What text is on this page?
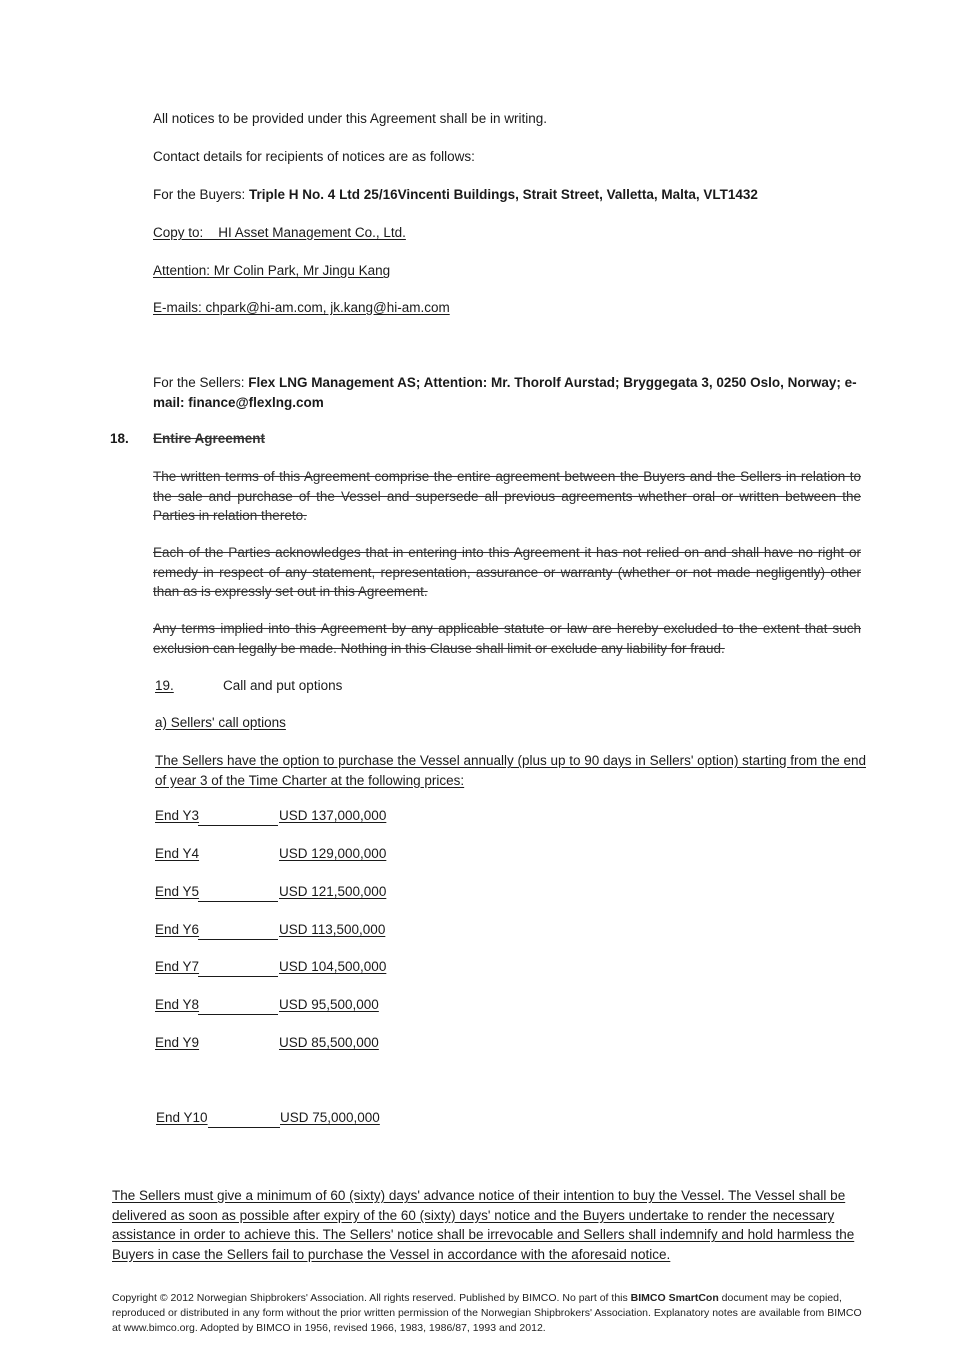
All notices to be provided under this Agreement shall be in writing.

Contact details for recipients of notices are as follows:

For the Buyers: Triple H No. 4 Ltd 25/16Vincenti Buildings, Strait Street, Valletta, Malta, VLT1432

Copy to:    HI Asset Management Co., Ltd.

Attention: Mr Colin Park, Mr Jingu Kang

E-mails: chpark@hi-am.com, jk.kang@hi-am.com

For the Sellers: Flex LNG Management AS; Attention: Mr. Thorolf Aurstad; Bryggegata 3, 0250 Oslo, Norway; e-mail: finance@flexlng.com

18. Entire Agreement

The written terms of this Agreement comprise the entire agreement between the Buyers and the Sellers in relation to the sale and purchase of the Vessel and supersede all previous agreements whether oral or written between the Parties in relation thereto.

Each of the Parties acknowledges that in entering into this Agreement it has not relied on and shall have no right or remedy in respect of any statement, representation, assurance or warranty (whether or not made negligently) other than as is expressly set out in this Agreement.

Any terms implied into this Agreement by any applicable statute or law are hereby excluded to the extent that such exclusion can legally be made. Nothing in this Clause shall limit or exclude any liability for fraud.

19.	Call and put options

a) Sellers' call options

The Sellers have the option to purchase the Vessel annually (plus up to 90 days in Sellers' option) starting from the end of year 3 of the Time Charter at the following prices:

End Y3	USD 137,000,000
End Y4	USD 129,000,000
End Y5	USD 121,500,000
End Y6	USD 113,500,000
End Y7	USD 104,500,000
End Y8	USD 95,500,000
End Y9	USD 85,500,000
End Y10	USD 75,000,000

The Sellers must give a minimum of 60 (sixty) days' advance notice of their intention to buy the Vessel. The Vessel shall be delivered as soon as possible after expiry of the 60 (sixty) days' notice and the Buyers undertake to render the necessary assistance in order to achieve this. The Sellers' notice shall be irrevocable and Sellers shall indemnify and hold harmless the Buyers in case the Sellers fail to purchase the Vessel in accordance with the aforesaid notice.

Copyright © 2012 Norwegian Shipbrokers' Association. All rights reserved. Published by BIMCO. No part of this BIMCO SmartCon document may be copied, reproduced or distributed in any form without the prior written permission of the Norwegian Shipbrokers' Association. Explanatory notes are available from BIMCO at www.bimco.org. Adopted by BIMCO in 1956, revised 1966, 1983, 1986/87, 1993 and 2012.
